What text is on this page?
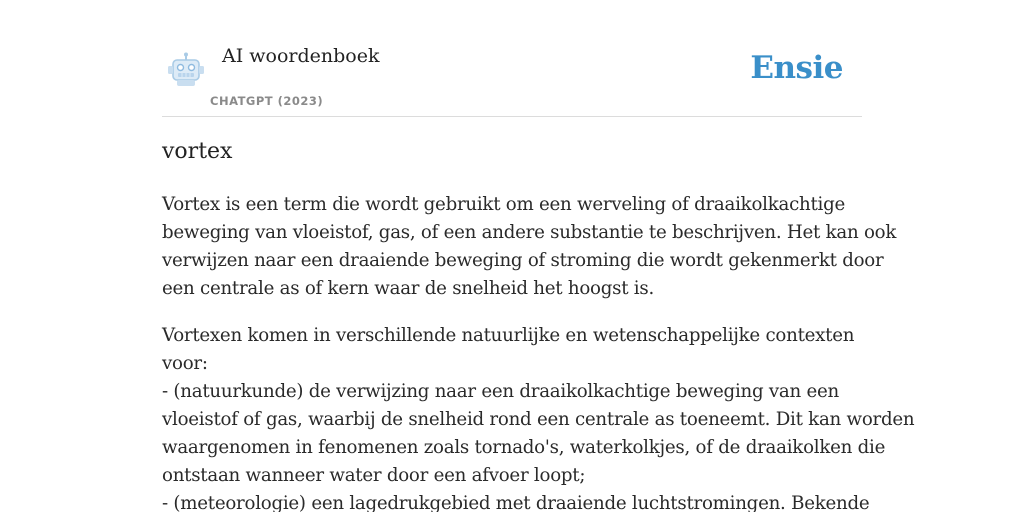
AI woordenboek
CHATGPT (2023)
Ensie
vortex

Vortex is een term die wordt gebruikt om een werveling of draaikolkachtige
beweging van vloeistof, gas, of een andere substantie te beschrijven. Het kan ook
verwijzen naar een draaiende beweging of stroming die wordt gekenmerkt door
een centrale as of kern waar de snelheid het hoogst is.

Vortexen komen in verschillende natuurlijke en wetenschappelijke contexten
voor:
- (natuurkunde) de verwijzing naar een draaikolkachtige beweging van een
vloeistof of gas, waarbij de snelheid rond een centrale as toeneemt. Dit kan worden
waargenomen in fenomenen zoals tornado's, waterkolkjes, of de draaikolken die
ontstaan wanneer water door een afvoer loopt;
- (meteorologie) een lagedrukgebied met draaiende luchtstromingen. Bekende
